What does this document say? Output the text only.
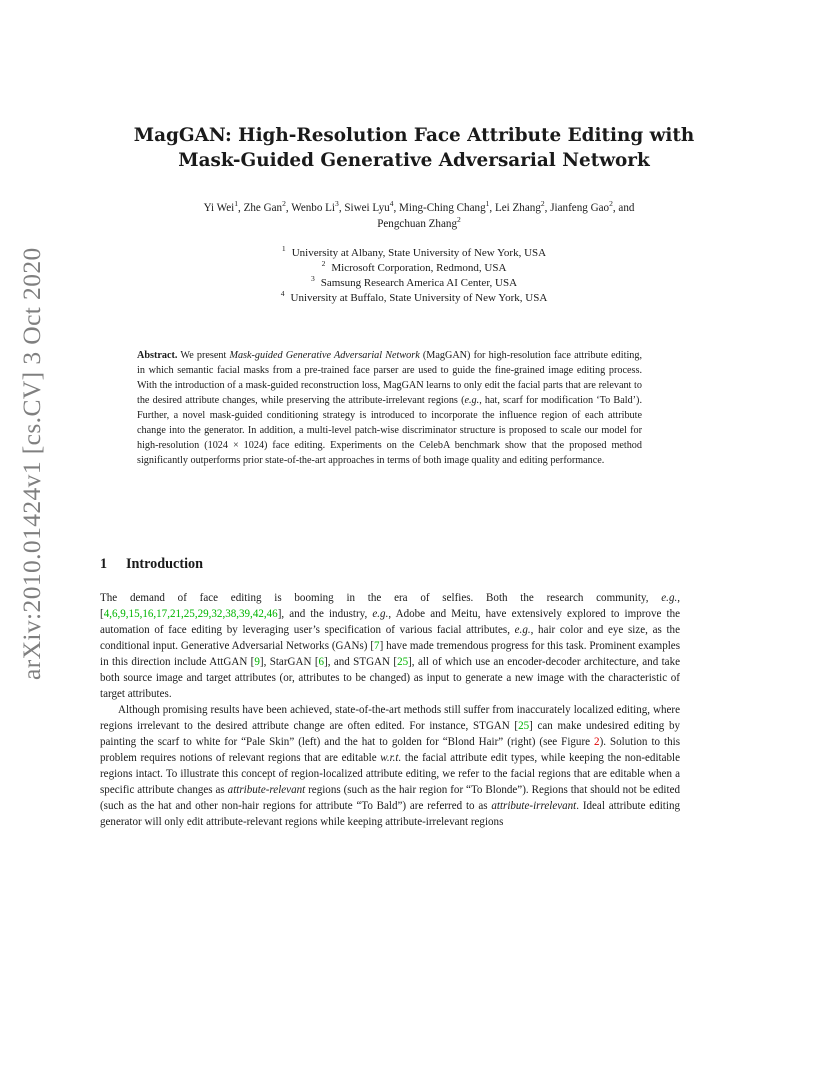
arXiv:2010.01424v1 [cs.CV] 3 Oct 2020
MagGAN: High-Resolution Face Attribute Editing with
Mask-Guided Generative Adversarial Network
Yi Wei$^1$, Zhe Gan$^2$, Wenbo Li$^3$, Siwei Lyu$^4$, Ming-Ching Chang$^1$, Lei Zhang$^2$, Jianfeng Gao$^2$, and
Pengchuan Zhang$^2$
$^1$ University at Albany, State University of New York, USA
$^2$ Microsoft Corporation, Redmond, USA
$^3$ Samsung Research America AI Center, USA
$^4$ University at Buffalo, State University of New York, USA
Abstract. We present Mask-guided Generative Adversarial Network (MagGAN) for high-resolution face attribute editing, in which semantic facial masks from a pre-trained face parser are used to guide the fine-grained image editing process. With the introduction of a mask-guided reconstruction loss, MagGAN learns to only edit the facial parts that are relevant to the desired attribute changes, while preserving the attribute-irrelevant regions (e.g., hat, scarf for modification ‘To Bald’). Further, a novel mask-guided conditioning strategy is introduced to incorporate the influence region of each attribute change into the generator. In addition, a multi-level patch-wise discriminator structure is proposed to scale our model for high-resolution (1024 × 1024) face editing. Experiments on the CelebA benchmark show that the proposed method significantly outperforms prior state-of-the-art approaches in terms of both image quality and editing performance.
1 Introduction

The demand of face editing is booming in the era of selfies. Both the research community, e.g., [4,6,9,15,16,17,21,25,29,32,38,39,42,46], and the industry, e.g., Adobe and Meitu, have extensively explored to improve the automation of face editing by leveraging user’s specification of various facial attributes, e.g., hair color and eye size, as the conditional input. Generative Adversarial Networks (GANs) [7] have made tremendous progress for this task. Prominent examples in this direction include AttGAN [9], StarGAN [6], and STGAN [25], all of which use an encoder-decoder architecture, and take both source image and target attributes (or, attributes to be changed) as input to generate a new image with the characteristic of target attributes.

Although promising results have been achieved, state-of-the-art methods still suffer from inaccurately localized editing, where regions irrelevant to the desired attribute change are often edited. For instance, STGAN [25] can make undesired editing by painting the scarf to white for “Pale Skin” (left) and the hat to golden for “Blond Hair” (right) (see Figure 2). Solution to this problem requires notions of relevant regions that are editable w.r.t. the facial attribute edit types, while keeping the non-editable regions intact. To illustrate this concept of region-localized attribute editing, we refer to the facial regions that are editable when a specific attribute changes as attribute-relevant regions (such as the hair region for “To Blonde”). Regions that should not be edited (such as the hat and other non-hair regions for attribute “To Bald”) are referred to as attribute-irrelevant. Ideal attribute editing generator will only edit attribute-relevant regions while keeping attribute-irrelevant regions
